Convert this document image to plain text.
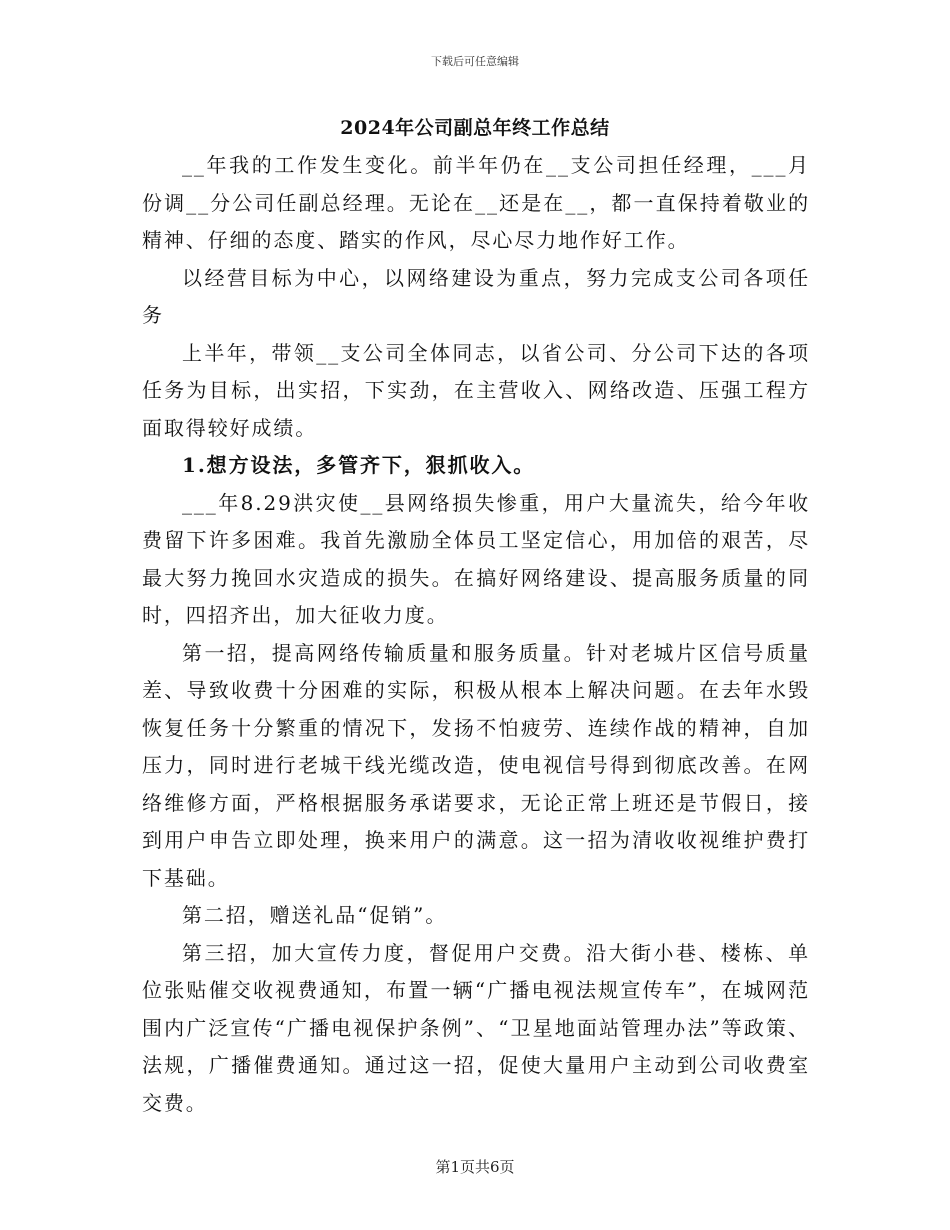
下载后可任意编辑
2024年公司副总年终工作总结

__年我的工作发生变化。前半年仍在__支公司担任经理，___月份调__分公司任副总经理。无论在__还是在__，都一直保持着敬业的精神、仔细的态度、踏实的作风，尽心尽力地作好工作。

以经营目标为中心，以网络建设为重点，努力完成支公司各项任务

上半年，带领__支公司全体同志，以省公司、分公司下达的各项任务为目标，出实招，下实劲，在主营收入、网络改造、压强工程方面取得较好成绩。

1.想方设法，多管齐下，狠抓收入。

___年8.29洪灾使__县网络损失惨重，用户大量流失，给今年收费留下许多困难。我首先激励全体员工坚定信心，用加倍的艰苦，尽最大努力挽回水灾造成的损失。在搞好网络建设、提高服务质量的同时，四招齐出，加大征收力度。

第一招，提高网络传输质量和服务质量。针对老城片区信号质量差、导致收费十分困难的实际，积极从根本上解决问题。在去年水毁恢复任务十分繁重的情况下，发扬不怕疲劳、连续作战的精神，自加压力，同时进行老城干线光缆改造，使电视信号得到彻底改善。在网络维修方面，严格根据服务承诺要求，无论正常上班还是节假日，接到用户申告立即处理，换来用户的满意。这一招为清收收视维护费打下基础。

第二招，赠送礼品“促销”。

第三招，加大宣传力度，督促用户交费。沿大街小巷、楼栋、单位张贴催交收视费通知，布置一辆“广播电视法规宣传车”，在城网范围内广泛宣传“广播电视保护条例”、“卫星地面站管理办法”等政策、法规，广播催费通知。通过这一招，促使大量用户主动到公司收费室交费。

第1页共6页
